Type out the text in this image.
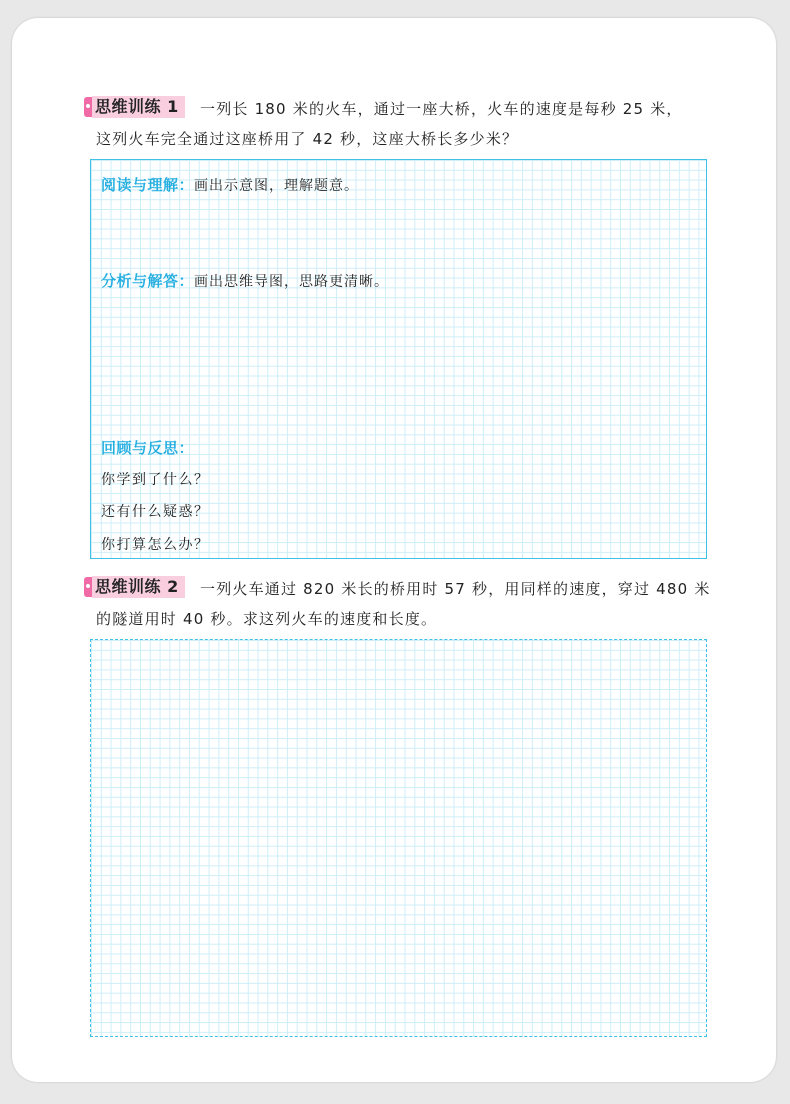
思维训练 1	一列长 180 米的火车，通过一座大桥，火车的速度是每秒 25 米，
这列火车完全通过这座桥用了 42 秒，这座大桥长多少米？
阅读与理解：画出示意图，理解题意。
分析与解答：画出思维导图，思路更清晰。
回顾与反思：
你学到了什么？
还有什么疑惑？
你打算怎么办？
思维训练 2	一列火车通过 820 米长的桥用时 57 秒，用同样的速度，穿过 480 米
的隧道用时 40 秒。求这列火车的速度和长度。
